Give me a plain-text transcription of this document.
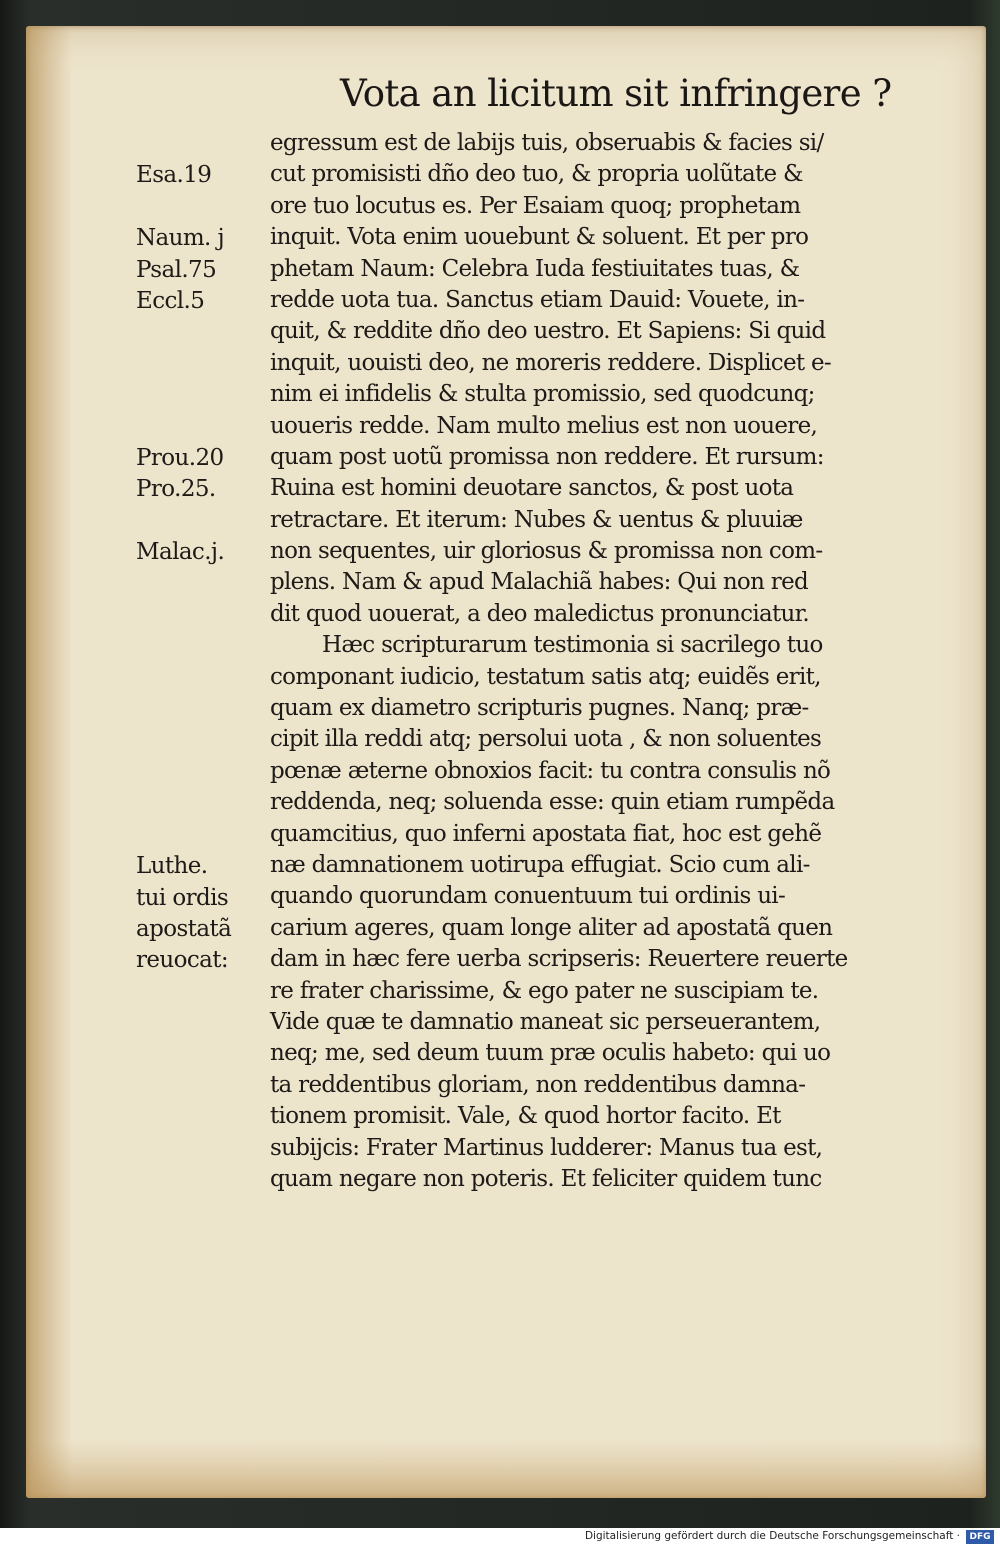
Vota an licitum sit infringere ?
egressum est de labijs tuis, obseruabis & facies si/
cut promisisti dño deo tuo, & propria uolũtate &
ore tuo locutus es. Per Esaiam quoq; prophetam
inquit. Vota enim uouebunt & soluent. Et per pro
phetam Naum: Celebra Iuda festiuitates tuas, &
redde uota tua. Sanctus etiam Dauid: Vouete, in-
quit, & reddite dño deo uestro. Et Sapiens: Si quid
inquit, uouisti deo, ne moreris reddere. Displicet e-
nim ei infidelis & stulta promissio, sed quodcunq;
uoueris redde. Nam multo melius est non uouere,
quam post uotũ promissa non reddere. Et rursum:
Ruina est homini deuotare sanctos, & post uota
retractare. Et iterum: Nubes & uentus & pluuiæ
non sequentes, uir gloriosus & promissa non com-
plens. Nam & apud Malachiã habes: Qui non red
dit quod uouerat, a deo maledictus pronunciatur.
Hæc scripturarum testimonia si sacrilego tuo
componant iudicio, testatum satis atq; euidẽs erit,
quam ex diametro scripturis pugnes. Nanq; præ-
cipit illa reddi atq; persolui uota , & non soluentes
pœnæ æterne obnoxios facit: tu contra consulis nõ
reddenda, neq; soluenda esse: quin etiam rumpẽda
quamcitius, quo inferni apostata fiat, hoc est gehẽ
næ damnationem uotirupa effugiat. Scio cum ali-
quando quorundam conuentuum tui ordinis ui-
carium ageres, quam longe aliter ad apostatã quen
dam in hæc fere uerba scripseris: Reuertere reuerte
re frater charissime, & ego pater ne suscipiam te.
Vide quæ te damnatio maneat sic perseuerantem,
neq; me, sed deum tuum præ oculis habeto: qui uo
ta reddentibus gloriam, non reddentibus damna-
tionem promisit. Vale, & quod hortor facito. Et
subijcis: Frater Martinus ludderer: Manus tua est,
quam negare non poteris. Et feliciter quidem tunc
Esa.19
Naum. j
Psal.75
Eccl.5
Prou.20
Pro.25.
Malac.j.
Luthe.
tui ordis
apostatã
reuocat:
Digitalisierung gefördert durch die Deutsche Forschungsgemeinschaft ·	DFG
